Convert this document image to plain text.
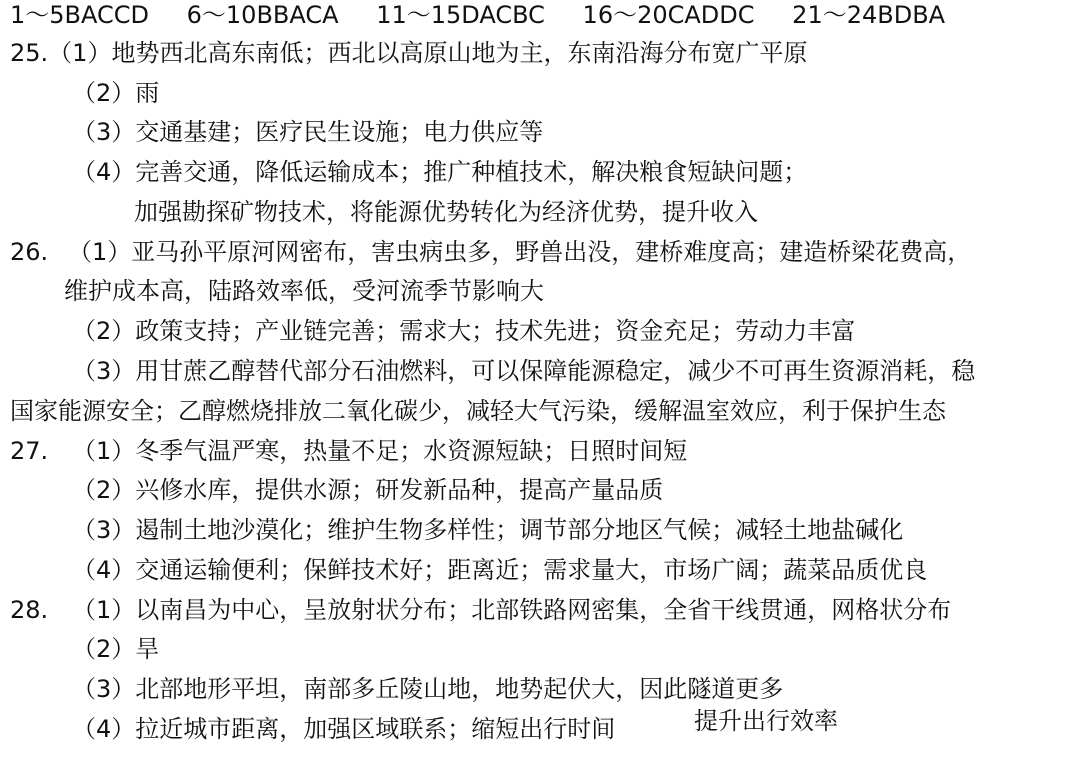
1～5BACCD 6～10BBACA 11～15DACBC 16～20CADDC 21～24BDBA
25.（1）地势西北高东南低；西北以高原山地为主，东南沿海分布宽广平原
（2）雨
（3）交通基建；医疗民生设施；电力供应等
（4）完善交通，降低运输成本；推广种植技术，解决粮食短缺问题；
加强勘探矿物技术，将能源优势转化为经济优势，提升收入
26. （1）亚马孙平原河网密布，害虫病虫多，野兽出没，建桥难度高；建造桥梁花费高，
维护成本高，陆路效率低，受河流季节影响大
（2）政策支持；产业链完善；需求大；技术先进；资金充足；劳动力丰富
（3）用甘蔗乙醇替代部分石油燃料，可以保障能源稳定，减少不可再生资源消耗，稳
国家能源安全；乙醇燃烧排放二氧化碳少，减轻大气污染，缓解温室效应，利于保护生态
27. （1）冬季气温严寒，热量不足；水资源短缺；日照时间短
（2）兴修水库，提供水源；研发新品种，提高产量品质
（3）遏制土地沙漠化；维护生物多样性；调节部分地区气候；减轻土地盐碱化
（4）交通运输便利；保鲜技术好；距离近；需求量大，市场广阔；蔬菜品质优良
28. （1）以南昌为中心，呈放射状分布；北部铁路网密集，全省干线贯通，网格状分布
（2）旱
（3）北部地形平坦，南部多丘陵山地，地势起伏大，因此隧道更多
（4）拉近城市距离，加强区域联系；缩短出行时间	提升出行效率
